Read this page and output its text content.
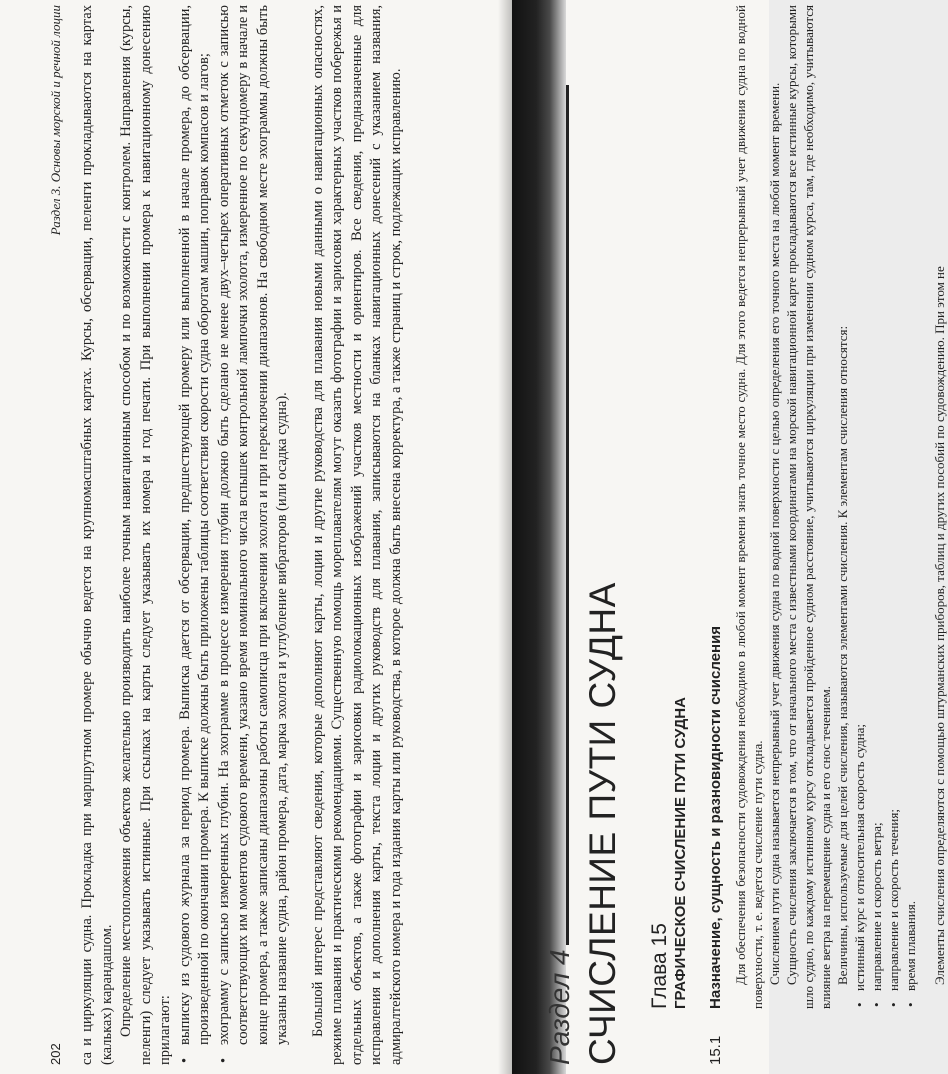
202
Раздел 3. Основы морской и речной лоции са и циркуляции судна. Прокладка при маршрутном промере обычно ведется на крупномасштабных картах. Курсы, обсервации, пеленги прокладываются на картах (кальках) карандашом. Определение местоположения объектов желательно производить наиболее точным навигационным способом и по возможности с контролем. Направления (курсы, пеленги) следует указывать истинные. При ссылках на карты следует указывать их номера и год печати. При выполнении промера к навигационному донесению прилагают: • выписку из судового журнала за период промера. Выписка дается от обсервации, предшествующей промеру или выполненной в начале промера, до обсервации, произведенной по окончании промера. К выписке должны быть приложены таблицы соответствия скорости судна оборотам машин, поправок компасов и лагов; • эхограмму с записью измеренных глубин. На эхограмме в процессе измерения глубин должно быть сделано не менее двух–четырех оперативных отметок с записью соответствующих им моментов судового времени, указано время номинального числа вспышек контрольной лампочки эхолота, измеренное по секундомеру в начале и конце промера, а также записаны диапазоны работы самописца при включении эхолота и при переключении диапазонов. На свободном месте эхограммы должны быть указаны название судна, район промера, дата, марка эхолота и углубление вибраторов (или осадка судна). Большой интерес представляют сведения, которые дополняют карты, лоции и другие руководства для плавания новыми данными о навигационных опасностях, режиме плавания и практическими рекомендациями. Существенную помощь мореплавателям могут оказать фотографии и зарисовки характерных участков побережья и отдельных объектов, а также фотографии и зарисовки радиолокационных изображений участков местности и ориентиров. Все сведения, предназначенные для исправления и дополнения карты, текста лоции и других руководств для плавания, записываются на бланках навигационных донесений с указанием названия, адмиралтейского номера и года издания карты или руководства, в которое должна быть внесена корректура, а также страниц и строк, подлежащих исправлению.	Раздел 4 СЧИСЛЕНИЕ ПУТИ СУДНА Глава 15 ГРАФИЧЕСКОЕ СЧИСЛЕНИЕ ПУТИ СУДНА
15.1
Назначение, сущность и разновидности счисления Для обеспечения безопасности судовождения необходимо в любой момент времени знать точное место судна. Для этого ведется непрерывный учет движения судна по водной поверхности, т. е. ведется счисление пути судна. Счислением пути судна называется непрерывный учет движения судна по водной поверхности с целью определения его точного места на любой момент времени. Сущность счисления заключается в том, что от начального места с известными координатами на морской навигационной карте прокладываются все истинные курсы, которыми шло судно, по каждому истинному курсу откладывается пройденное судном расстояние, учитываются циркуляции при изменении судном курса, там, где необходимо, учитываются влияние ветра на перемещение судна и его снос течением. Величины, используемые для целей счисления, называются элементами счисления. К элементам счисления относятся: • истинный курс и относительная скорость судна; • направление и скорость ветра; • направление и скорость течения; • время плавания. Элементы счисления определяются с помощью штурманских приборов, таблиц и других пособий по судовождению. При этом не
